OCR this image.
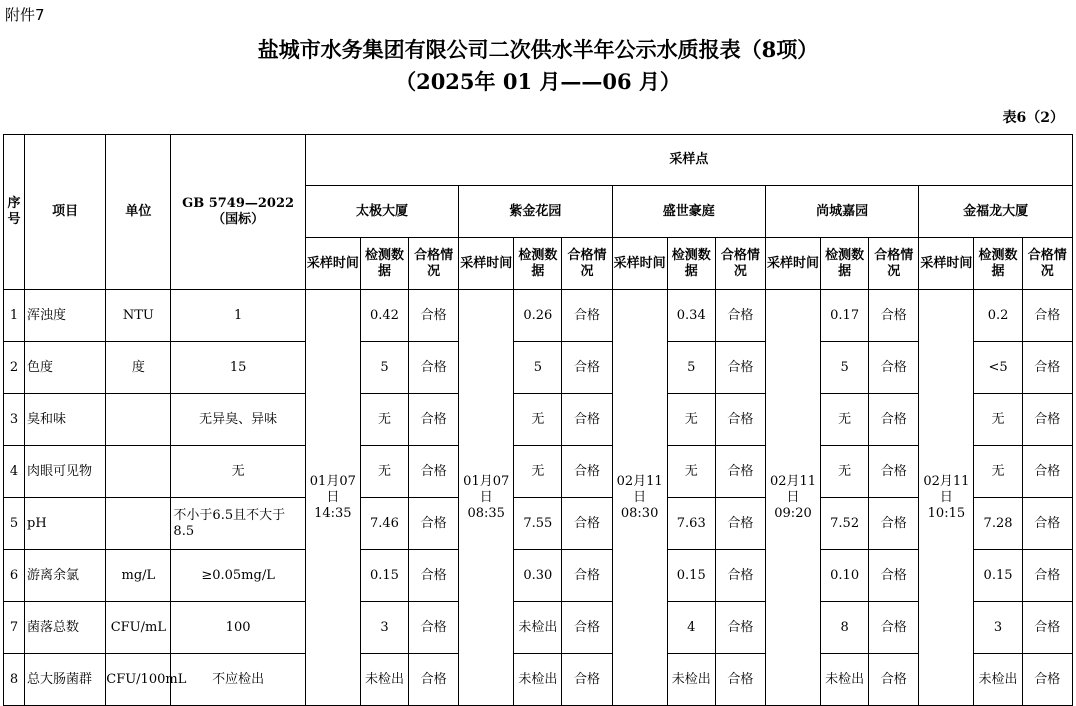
附件7
盐城市水务集团有限公司二次供水半年公示水质报表（8项）
（2025年 01 月——06 月）
表6（2）
序号	项目	单位	GB 5749—2022（国标）	采样点														
				太极大厦			紫金花园			盛世豪庭			尚城嘉园			金福龙大厦		
				采样时间	检测数据	合格情况	采样时间	检测数据	合格情况	采样时间	检测数据	合格情况	采样时间	检测数据	合格情况	采样时间	检测数据	合格情况
1	浑浊度	NTU	1	01月07日 14:35	0.42	合格	01月07日 08:35	0.26	合格	02月11日 08:30	0.34	合格	02月11日 09:20	0.17	合格	02月11日 10:15	0.2	合格
2	色度	度	15		5	合格		5	合格		5	合格		5	合格		<5	合格
3	臭和味		无异臭、异味		无	合格		无	合格		无	合格		无	合格		无	合格
4	肉眼可见物		无		无	合格		无	合格		无	合格		无	合格		无	合格
5	pH		不小于6.5且不大于8.5		7.46	合格		7.55	合格		7.63	合格		7.52	合格		7.28	合格
6	游离余氯	mg/L	≥0.05mg/L		0.15	合格		0.30	合格		0.15	合格		0.10	合格		0.15	合格
7	菌落总数	CFU/mL	100		3	合格		未检出	合格		4	合格		8	合格		3	合格
8	总大肠菌群	CFU/100mL	不应检出		未检出	合格		未检出	合格		未检出	合格		未检出	合格		未检出	合格
